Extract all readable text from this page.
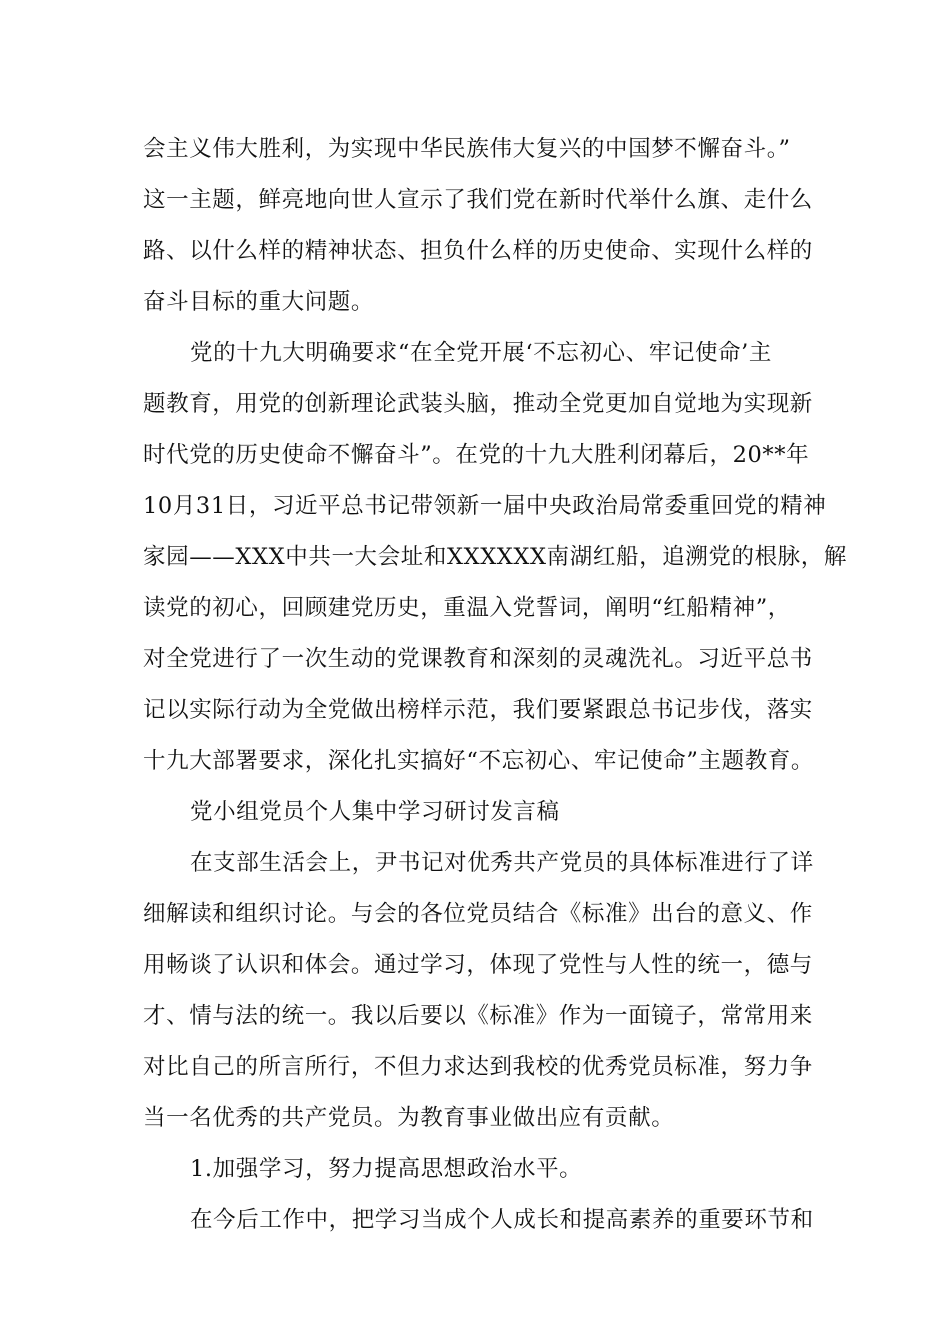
会主义伟大胜利，为实现中华民族伟大复兴的中国梦不懈奋斗。”
这一主题，鲜亮地向世人宣示了我们党在新时代举什么旗、走什么
路、以什么样的精神状态、担负什么样的历史使命、实现什么样的
奋斗目标的重大问题。
党的十九大明确要求“在全党开展‘不忘初心、牢记使命’主
题教育，用党的创新理论武装头脑，推动全党更加自觉地为实现新
时代党的历史使命不懈奋斗”。在党的十九大胜利闭幕后，20**年
10月31日，习近平总书记带领新一届中央政治局常委重回党的精神
家园——XXX中共一大会址和XXXXXX南湖红船，追溯党的根脉，解
读党的初心，回顾建党历史，重温入党誓词，阐明“红船精神”，
对全党进行了一次生动的党课教育和深刻的灵魂洗礼。习近平总书
记以实际行动为全党做出榜样示范，我们要紧跟总书记步伐，落实
十九大部署要求，深化扎实搞好“不忘初心、牢记使命”主题教育。
党小组党员个人集中学习研讨发言稿
在支部生活会上，尹书记对优秀共产党员的具体标准进行了详
细解读和组织讨论。与会的各位党员结合《标准》出台的意义、作
用畅谈了认识和体会。通过学习，体现了党性与人性的统一，德与
才、情与法的统一。我以后要以《标准》作为一面镜子，常常用来
对比自己的所言所行，不但力求达到我校的优秀党员标准，努力争
当一名优秀的共产党员。为教育事业做出应有贡献。
1.加强学习，努力提高思想政治水平。
在今后工作中，把学习当成个人成长和提高素养的重要环节和
